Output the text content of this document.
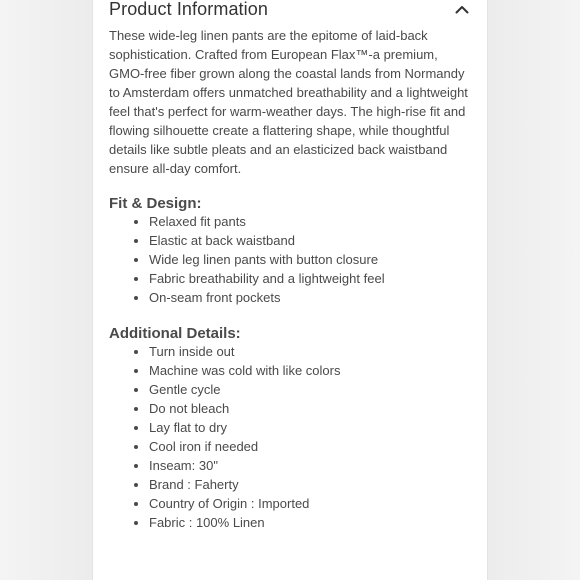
Product Information

These wide-leg linen pants are the epitome of laid-back sophistication. Crafted from European Flax™-a premium, GMO-free fiber grown along the coastal lands from Normandy to Amsterdam offers unmatched breathability and a lightweight feel that's perfect for warm-weather days. The high-rise fit and flowing silhouette create a flattering shape, while thoughtful details like subtle pleats and an elasticized back waistband ensure all-day comfort.

Fit & Design:
Relaxed fit pants
Elastic at back waistband
Wide leg linen pants with button closure
Fabric breathability and a lightweight feel
On-seam front pockets
Additional Details:
Turn inside out
Machine was cold with like colors
Gentle cycle
Do not bleach
Lay flat to dry
Cool iron if needed
Inseam: 30"
Brand : Faherty
Country of Origin : Imported
Fabric : 100% Linen
